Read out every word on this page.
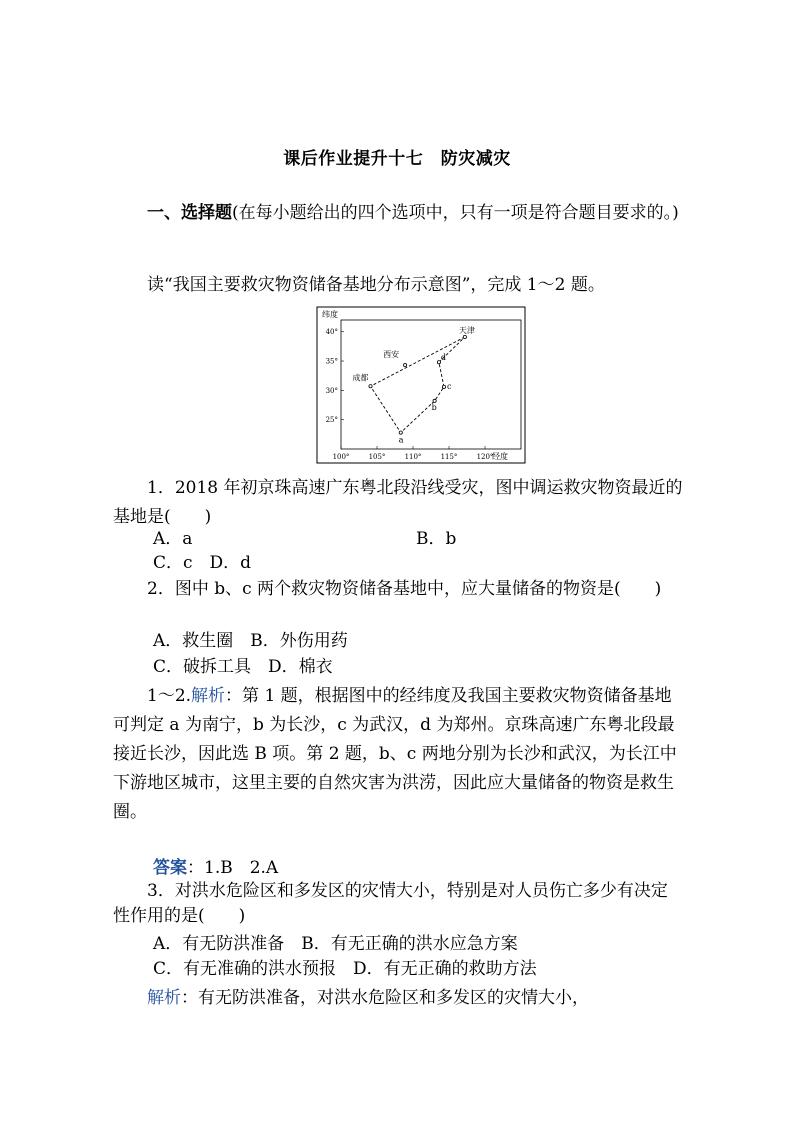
课后作业提升十七　防灾减灾

一、选择题(在每小题给出的四个选项中，只有一项是符合题目要求的。)

读“我国主要救灾物资储备基地分布示意图”，完成 1～2 题。

纬度
经度
100°	105°	110°	115°	120°
25°
30°
35°
40°	天津
西安
成都
a
b
c
d

1．2018 年初京珠高速广东粤北段沿线受灾，图中调运救灾物资最近的基地是(　　)

A．a	B．b
C．c　D．d

2．图中 b、c 两个救灾物资储备基地中，应大量储备的物资是(　　)

A．救生圈　B．外伤用药
C．破拆工具　D．棉衣

1～2.解析：第 1 题，根据图中的经纬度及我国主要救灾物资储备基地可判定 a 为南宁，b 为长沙，c 为武汉，d 为郑州。京珠高速广东粤北段最接近长沙，因此选 B 项。第 2 题，b、c 两地分别为长沙和武汉，为长江中下游地区城市，这里主要的自然灾害为洪涝，因此应大量储备的物资是救生圈。

答案：1.B　2.A

3．对洪水危险区和多发区的灾情大小，特别是对人员伤亡多少有决定性作用的是(　　)

A．有无防洪准备　B．有无正确的洪水应急方案
C．有无准确的洪水预报　D．有无正确的救助方法

解析：有无防洪准备，对洪水危险区和多发区的灾情大小，
